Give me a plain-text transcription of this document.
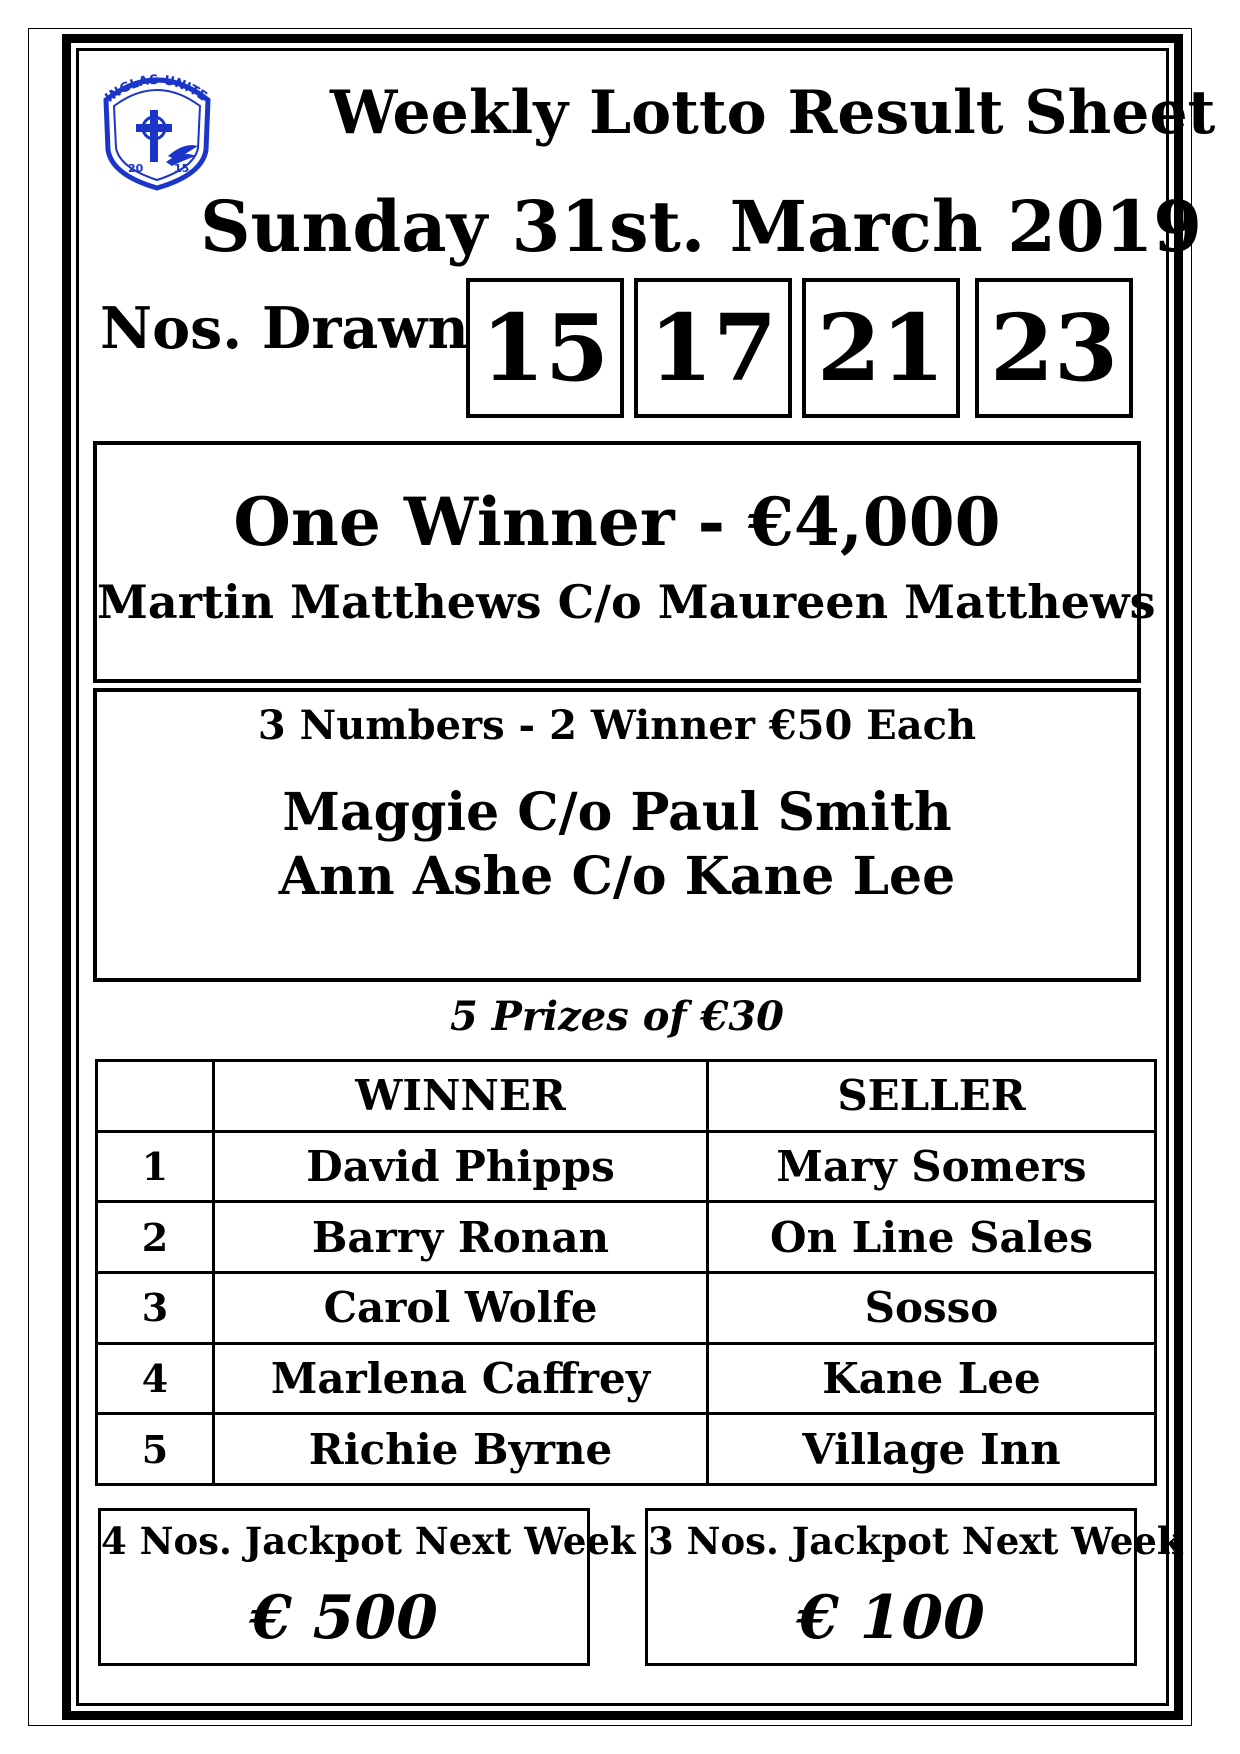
INGLAS UNITE
20	15
Weekly Lotto Result Sheet
Sunday 31st. March 2019
Nos. Drawn 15 17 21 23
One Winner - €4,000
Martin Matthews C/o Maureen Matthews
3 Numbers - 2 Winner €50 Each
Maggie C/o Paul Smith
Ann Ashe C/o Kane Lee
5 Prizes of €30
	WINNER	SELLER
1	David Phipps	Mary Somers
2	Barry Ronan	On Line Sales
3	Carol Wolfe	Sosso
4	Marlena Caffrey	Kane Lee
5	Richie Byrne	Village Inn
4 Nos. Jackpot Next Week
€ 500
3 Nos. Jackpot Next Week
€ 100
